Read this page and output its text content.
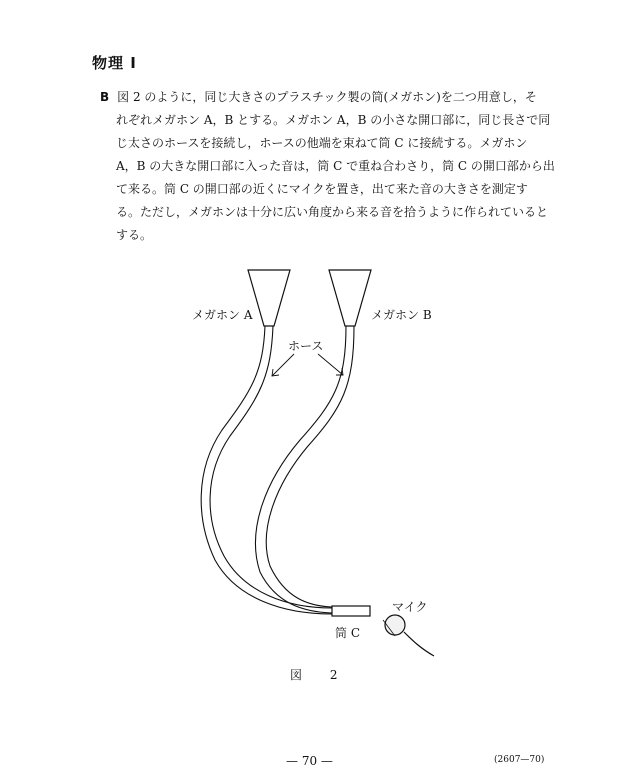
物理 I
B 図 2 のように，同じ大きさのプラスチック製の筒(メガホン)を二つ用意し，そ
れぞれメガホン A，B とする。メガホン A，B の小さな開口部に，同じ長さで同
じ太さのホースを接続し，ホースの他端を束ねて筒 C に接続する。メガホン
A，B の大きな開口部に入った音は，筒 C で重ね合わさり，筒 C の開口部から出
て来る。筒 C の開口部の近くにマイクを置き，出て来た音の大きさを測定す
る。ただし，メガホンは十分に広い角度から来る音を拾うように作られていると
する。
メガホン A	メガホン B
ホース
筒 C
マイク
図 2
— 70 —	(2607—70)
